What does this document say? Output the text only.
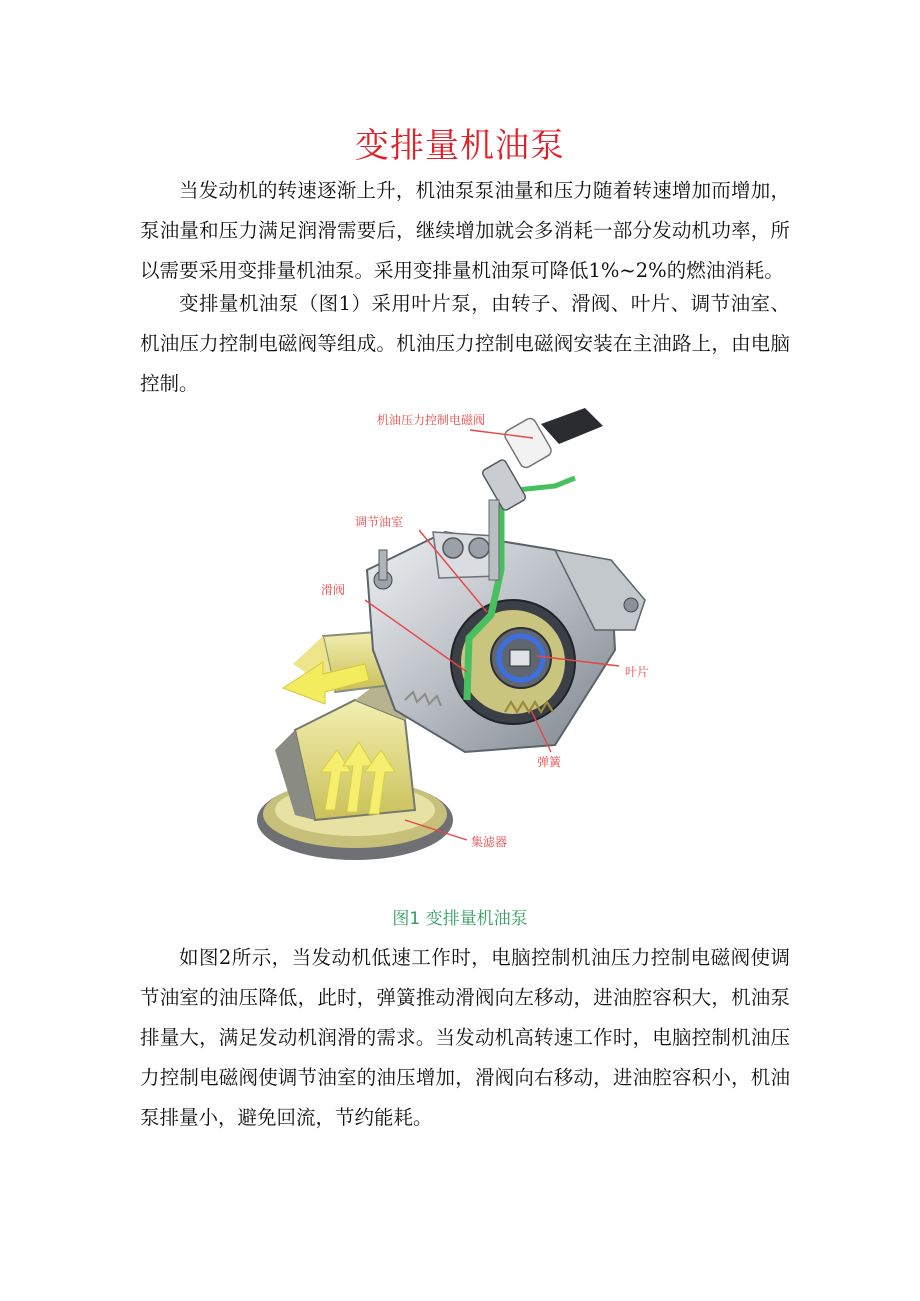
变排量机油泵

当发动机的转速逐渐上升，机油泵泵油量和压力随着转速增加而增加，泵油量和压力满足润滑需要后，继续增加就会多消耗一部分发动机功率，所以需要采用变排量机油泵。采用变排量机油泵可降低1%~2%的燃油消耗。

变排量机油泵（图1）采用叶片泵，由转子、滑阀、叶片、调节油室、机油压力控制电磁阀等组成。机油压力控制电磁阀安装在主油路上，由电脑控制。

机油压力控制电磁阀
调节油室
滑阀
叶片
弹簧
集滤器
图1 变排量机油泵

如图2所示，当发动机低速工作时，电脑控制机油压力控制电磁阀使调节油室的油压降低，此时，弹簧推动滑阀向左移动，进油腔容积大，机油泵排量大，满足发动机润滑的需求。当发动机高转速工作时，电脑控制机油压力控制电磁阀使调节油室的油压增加，滑阀向右移动，进油腔容积小，机油泵排量小，避免回流，节约能耗。
